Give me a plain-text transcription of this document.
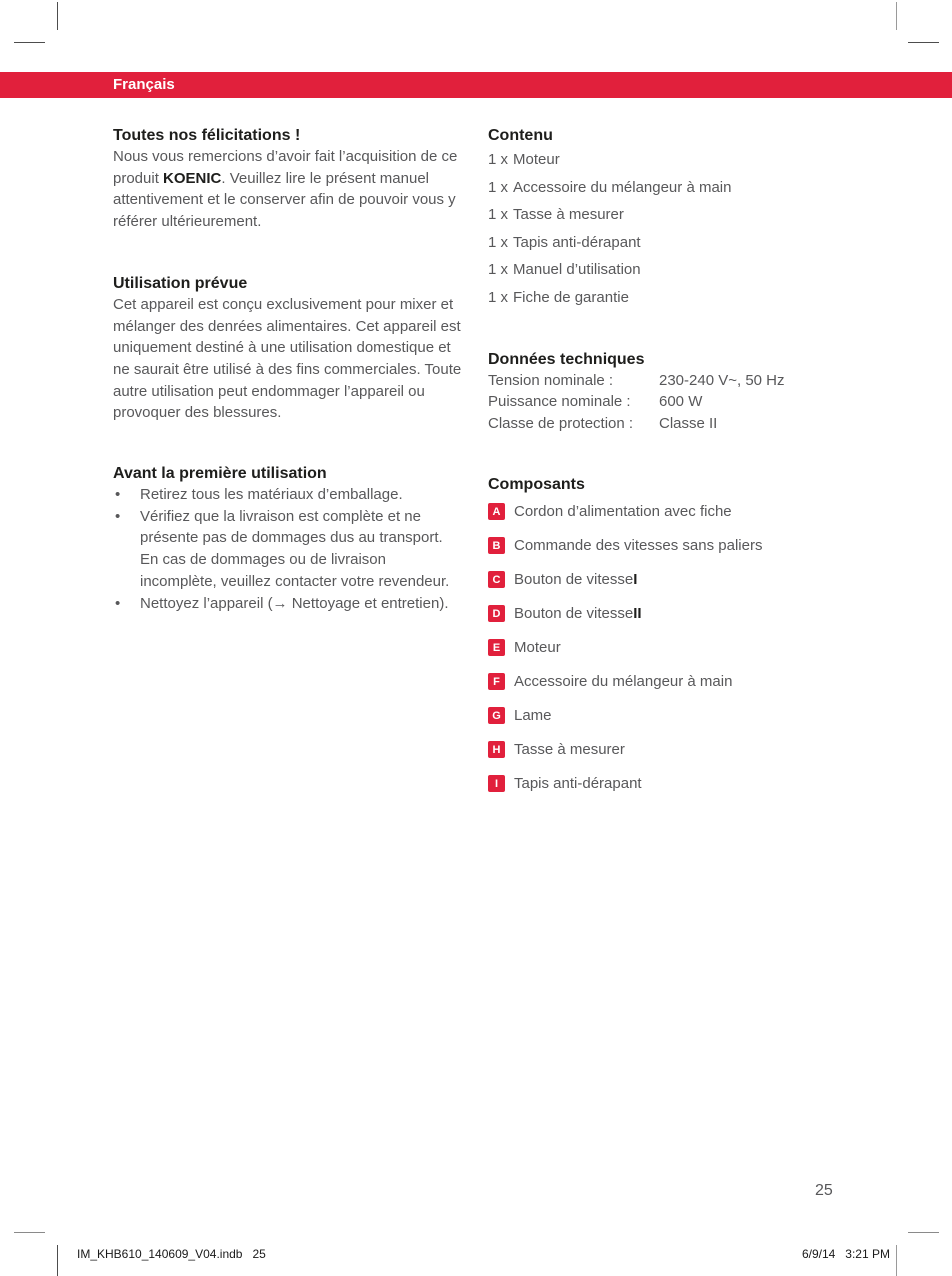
Français
Toutes nos félicitations !

Nous vous remercions d’avoir fait l’acquisition de ce produit KOENIC. Veuillez lire le présent manuel attentivement et le conserver afin de pouvoir vous y référer ultérieurement.

Utilisation prévue

Cet appareil est conçu exclusivement pour mixer et mélanger des denrées alimentaires. Cet appareil est uniquement destiné à une utilisation domestique et ne saurait être utilisé à des fins commerciales. Toute autre utilisation peut endommager l’appareil ou provoquer des blessures.

Avant la première utilisation
• Retirez tous les matériaux d’emballage.
• Vérifiez que la livraison est complète et ne présente pas de dommages dus au transport. En cas de dommages ou de livraison incomplète, veuillez contacter votre revendeur.
• Nettoyez l’appareil (→ Nettoyage et entretien).
Contenu
1 x Moteur
1 x Accessoire du mélangeur à main
1 x Tasse à mesurer
1 x Tapis anti-dérapant
1 x Manuel d’utilisation
1 x Fiche de garantie
Données techniques
Tension nominale :	230-240 V~, 50 Hz
Puissance nominale : 600 W
Classe de protection : Classe II
Composants
A Cordon d’alimentation avec fiche
B Commande des vitesses sans paliers
C Bouton de vitesse I
D Bouton de vitesse II
E Moteur
F Accessoire du mélangeur à main
G Lame
H Tasse à mesurer
I	Tapis anti-dérapant
25
IM_KHB610_140609_V04.indb   25	6/9/14   3:21 PM
